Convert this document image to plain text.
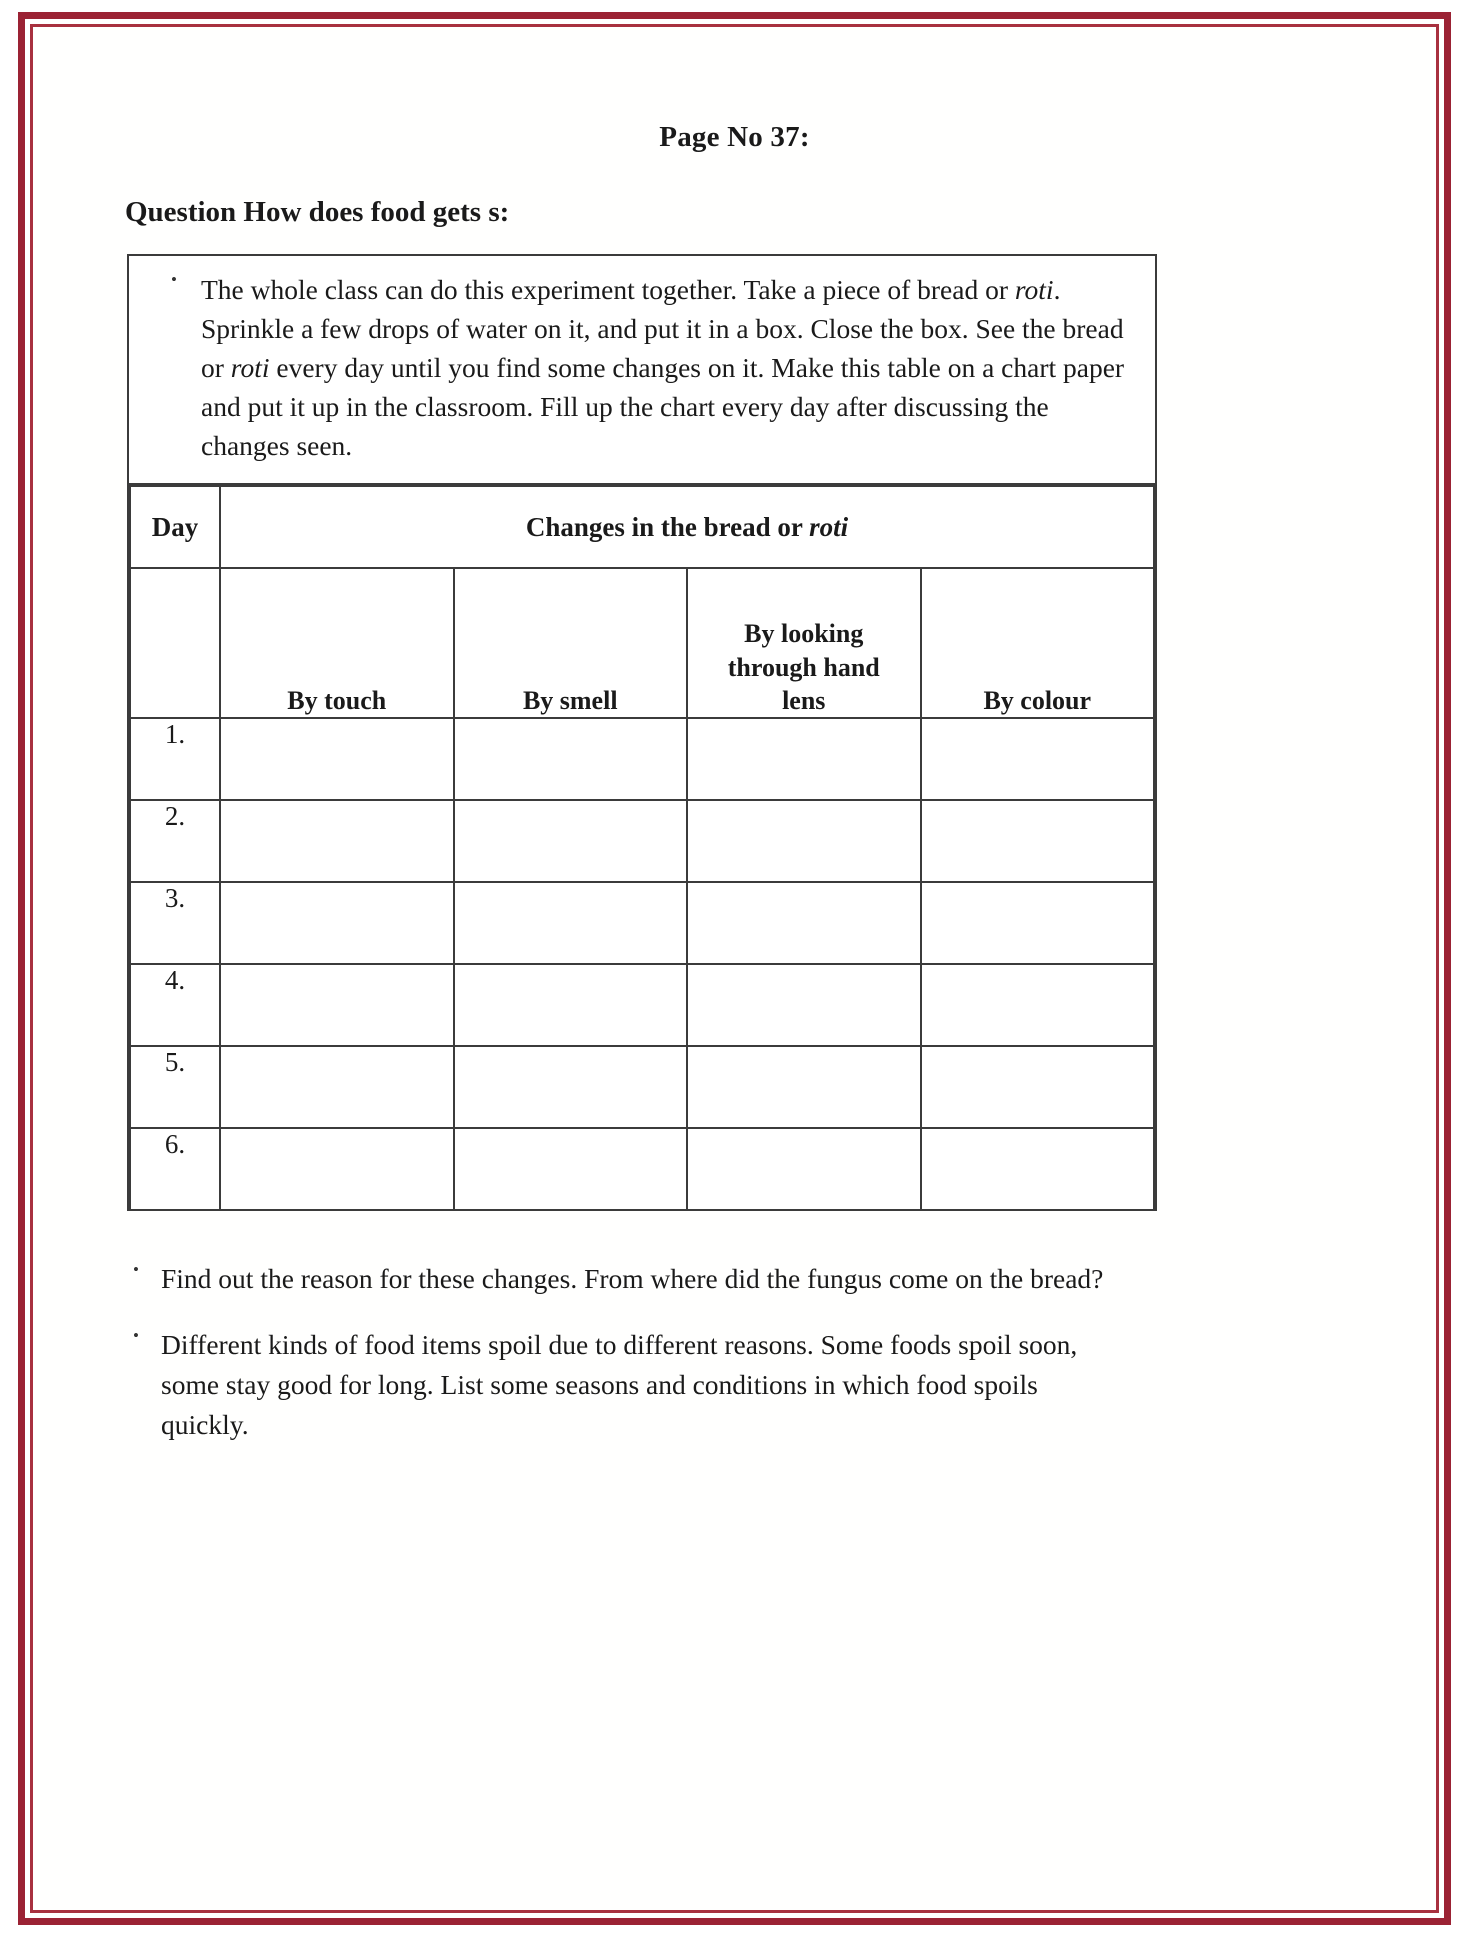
Page No 37:
Question How does food gets s:
• The whole class can do this experiment together. Take a piece of bread or roti. Sprinkle a few drops of water on it, and put it in a box. Close the box. See the bread or roti every day until you find some changes on it. Make this table on a chart paper and put it up in the classroom. Fill up the chart every day after discussing the changes seen.
Day	Changes in the bread or roti			
	By touch	By smell	By looking
through hand
lens	By colour
1.				
2.				
3.				
4.				
5.				
6.				
• Find out the reason for these changes. From where did the fungus come on the bread?
• Different kinds of food items spoil due to different reasons. Some foods spoil soon, some stay good for long. List some seasons and conditions in which food spoils quickly.
